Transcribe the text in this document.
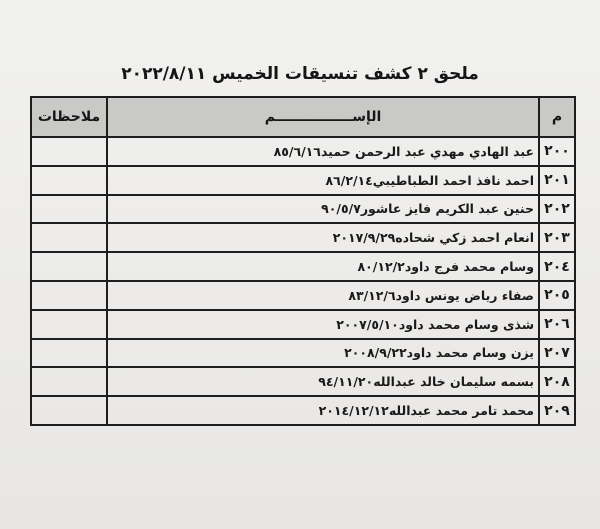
ملحق ٢ كشف تنسيقات الخميس ٢٠٢٢/٨/١١
م	الإســــــــــــــــم	ملاحظات
٢٠٠	عبد الهادي مهدي عبد الرحمن حميد٨٥/٦/١٦	
٢٠١	احمد نافذ احمد الطباطيبي٨٦/٢/١٤	
٢٠٢	حنين عبد الكريم فايز عاشور٩٠/٥/٧	
٢٠٣	انعام احمد زكي شحاده٢٠١٧/٩/٢٩	
٢٠٤	وسام محمد فرج داود٨٠/١٢/٢	
٢٠٥	صفاء رياض يونس داود٨٣/١٢/٦	
٢٠٦	شذى وسام محمد داود٢٠٠٧/٥/١٠	
٢٠٧	يزن وسام محمد داود٢٠٠٨/٩/٢٢	
٢٠٨	بسمه سليمان خالد عبدالله٩٤/١١/٢٠	
٢٠٩	محمد تامر محمد عبدالله٢٠١٤/١٢/١٢	
